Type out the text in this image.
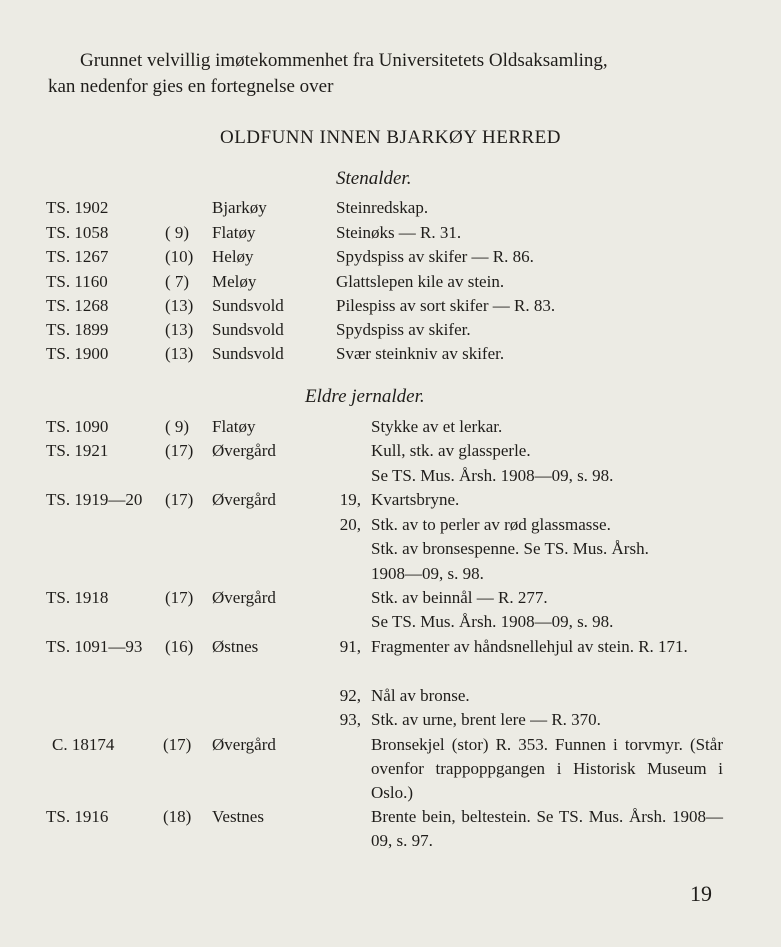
Grunnet velvillig imøtekommenhet fra Universitetets Oldsaksamling,
kan nedenfor gies en fortegnelse over
OLDFUNN INNEN BJARKØY HERRED
Stenalder.
TS. 1902	Bjarkøy	Steinredskap.
TS. 1058	( 9) Flatøy	Steinøks — R. 31.
TS. 1267	(10) Heløy	Spydspiss av skifer — R. 86.
TS. 1160	( 7) Meløy	Glattslepen kile av stein.
TS. 1268	(13) Sundsvold	Pilespiss av sort skifer — R. 83.
TS. 1899	(13) Sundsvold	Spydspiss av skifer.
TS. 1900	(13) Sundsvold	Svær steinkniv av skifer.
Eldre jernalder.
TS. 1090	( 9) Flatøy	Stykke av et lerkar.
TS. 1921	(17) Øvergård	Kull, stk. av glassperle.
Se TS. Mus. Årsh. 1908—09, s. 98.
TS. 1919—20 (17) Øvergård	19, Kvartsbryne.
20, Stk. av to perler av rød glassmasse.
Stk. av bronsespenne. Se TS. Mus. Årsh.
1908—09, s. 98.
TS. 1918	(17) Øvergård	Stk. av beinnål — R. 277.
Se TS. Mus. Årsh. 1908—09, s. 98.
TS. 1091—93 (16) Østnes	91, Fragmenter av håndsnellehjul av stein. R. 171.
92, Nål av bronse.
93, Stk. av urne, brent lere — R. 370.
C. 18174	(17) Øvergård	Bronsekjel (stor) R. 353. Funnen i torvmyr. (Står ovenfor trappoppgangen i Historisk Museum i Oslo.)
TS. 1916	(18) Vestnes	Brente bein, beltestein. Se TS. Mus. Årsh. 1908—09, s. 97.
19
